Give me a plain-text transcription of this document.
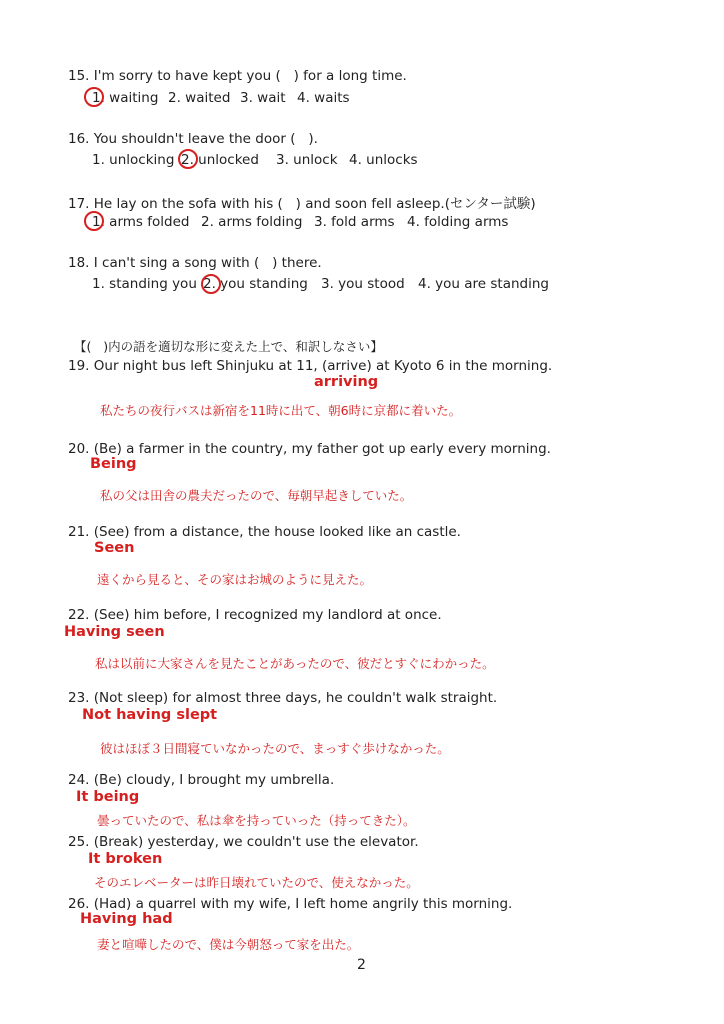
15. I'm sorry to have kept you (   ) for a long time.
1. waiting 2. waited 3. wait 4. waits
16. You shouldn't leave the door (   ).
1. unlocking 2. unlocked 3. unlock 4. unlocks
17. He lay on the sofa with his (   ) and soon fell asleep.(センター試験)
1. arms folded 2. arms folding 3. fold arms 4. folding arms
18. I can't sing a song with (   ) there.
1. standing you 2. you standing 3. you stood 4. you are standing
【(   )内の語を適切な形に変えた上で、和訳しなさい】
19. Our night bus left Shinjuku at 11, (arrive) at Kyoto 6 in the morning.
arriving
私たちの夜行バスは新宿を11時に出て、朝6時に京都に着いた。
20. (Be) a farmer in the country, my father got up early every morning.
Being
私の父は田舎の農夫だったので、毎朝早起きしていた。
21. (See) from a distance, the house looked like an castle.
Seen
遠くから見ると、その家はお城のように見えた。
22. (See) him before, I recognized my landlord at once.
Having seen
私は以前に大家さんを見たことがあったので、彼だとすぐにわかった。
23. (Not sleep) for almost three days, he couldn't walk straight.
Not having slept
彼はほぼ３日間寝ていなかったので、まっすぐ歩けなかった。
24. (Be) cloudy, I brought my umbrella.
It being
曇っていたので、私は傘を持っていった（持ってきた）。
25. (Break) yesterday, we couldn't use the elevator.
It broken
そのエレベーターは昨日壊れていたので、使えなかった。
26. (Had) a quarrel with my wife, I left home angrily this morning.
Having had
妻と喧嘩したので、僕は今朝怒って家を出た。
2
